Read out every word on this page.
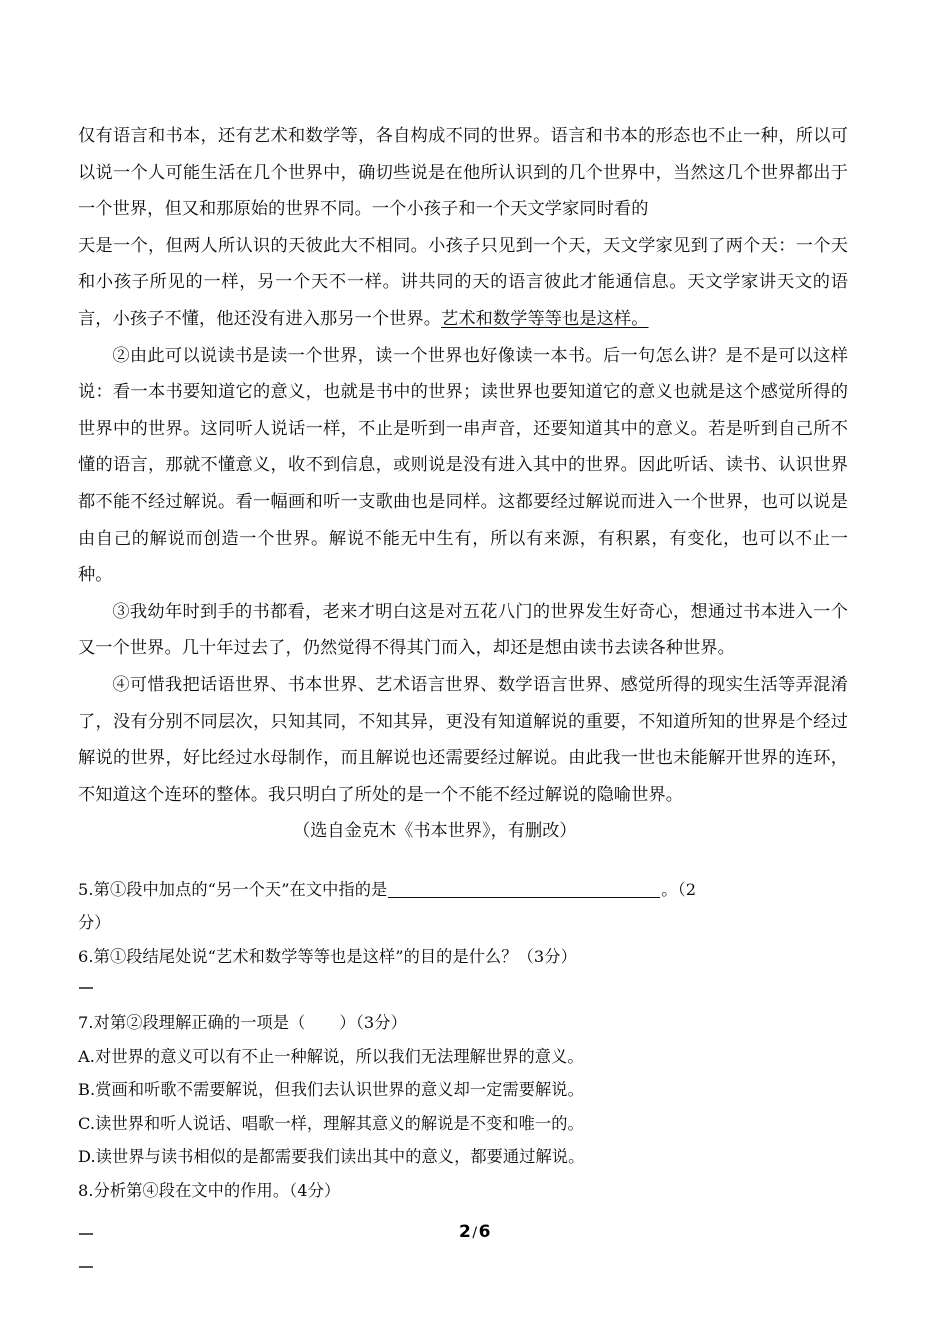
仅有语言和书本，还有艺术和数学等，各自构成不同的世界。语言和书本的形态也不止一种，所以可以说一个人可能生活在几个世界中，确切些说是在他所认识到的几个世界中，当然这几个世界都出于一个世界，但又和那原始的世界不同。一个小孩子和一个天文学家同时看的

天是一个，但两人所认识的天彼此大不相同。小孩子只见到一个天，天文学家见到了两个天：一个天和小孩子所见的一样，另一个天不一样。讲共同的天的语言彼此才能通信息。天文学家讲天文的语言，小孩子不懂，他还没有进入那另一个世界。艺术和数学等等也是这样。

②由此可以说读书是读一个世界，读一个世界也好像读一本书。后一句怎么讲？是不是可以这样说：看一本书要知道它的意义，也就是书中的世界；读世界也要知道它的意义也就是这个感觉所得的世界中的世界。这同听人说话一样，不止是听到一串声音，还要知道其中的意义。若是听到自己所不懂的语言，那就不懂意义，收不到信息，或则说是没有进入其中的世界。因此听话、读书、认识世界都不能不经过解说。看一幅画和听一支歌曲也是同样。这都要经过解说而进入一个世界，也可以说是由自己的解说而创造一个世界。解说不能无中生有，所以有来源，有积累，有变化，也可以不止一种。

③我幼年时到手的书都看，老来才明白这是对五花八门的世界发生好奇心，想通过书本进入一个又一个世界。几十年过去了，仍然觉得不得其门而入，却还是想由读书去读各种世界。

④可惜我把话语世界、书本世界、艺术语言世界、数学语言世界、感觉所得的现实生活等弄混淆了，没有分别不同层次，只知其同，不知其异，更没有知道解说的重要，不知道所知的世界是个经过解说的世界，好比经过水母制作，而且解说也还需要经过解说。由此我一世也未能解开世界的连环，不知道这个连环的整体。我只明白了所处的是一个不能不经过解说的隐喻世界。

（选自金克木《书本世界》，有删改）

5.第①段中加点的“另一个天”在文中指的是	。（2

分）

6.第①段结尾处说“艺术和数学等等也是这样”的目的是什么？（3分）

7.对第②段理解正确的一项是（ ）（3分）

A.对世界的意义可以有不止一种解说，所以我们无法理解世界的意义。

B.赏画和听歌不需要解说，但我们去认识世界的意义却一定需要解说。

C.读世界和听人说话、唱歌一样，理解其意义的解说是不变和唯一的。

D.读世界与读书相似的是都需要我们读出其中的意义，都要通过解说。

8.分析第④段在文中的作用。（4分）

2/6
